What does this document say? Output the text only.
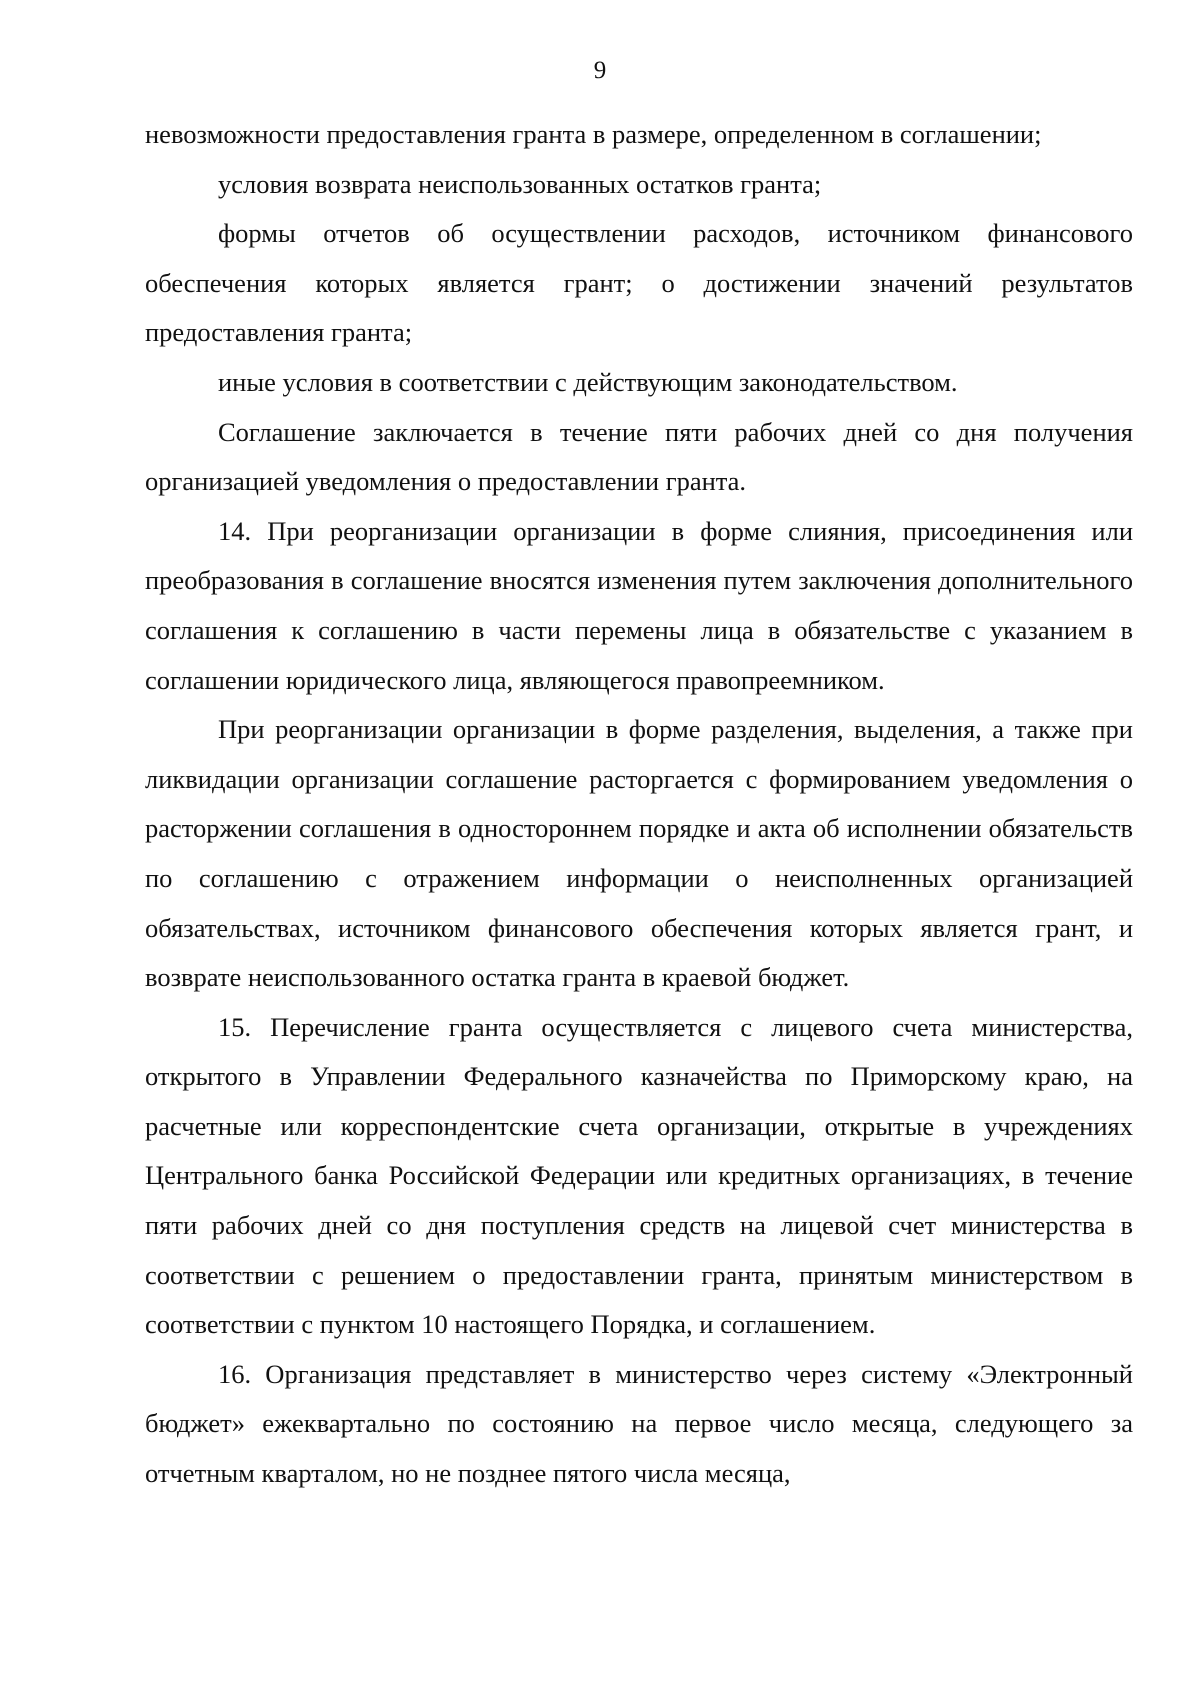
9

невозможности предоставления гранта в размере, определенном в соглашении;

условия возврата неиспользованных остатков гранта;

формы отчетов об осуществлении расходов, источником финансового обеспечения которых является грант; о достижении значений результатов предоставления гранта;

иные условия в соответствии с действующим законодательством.

Соглашение заключается в течение пяти рабочих дней со дня получения организацией уведомления о предоставлении гранта.

14. При реорганизации организации в форме слияния, присоединения или преобразования в соглашение вносятся изменения путем заключения дополнительного соглашения к соглашению в части перемены лица в обязательстве с указанием в соглашении юридического лица, являющегося правопреемником.

При реорганизации организации в форме разделения, выделения, а также при ликвидации организации соглашение расторгается с формированием уведомления о расторжении соглашения в одностороннем порядке и акта об исполнении обязательств по соглашению с отражением информации о неисполненных организацией обязательствах, источником финансового обеспечения которых является грант, и возврате неиспользованного остатка гранта в краевой бюджет.

15. Перечисление гранта осуществляется с лицевого счета министерства, открытого в Управлении Федерального казначейства по Приморскому краю, на расчетные или корреспондентские счета организации, открытые в учреждениях Центрального банка Российской Федерации или кредитных организациях, в течение пяти рабочих дней со дня поступления средств на лицевой счет министерства в соответствии с решением о предоставлении гранта, принятым министерством в соответствии с пунктом 10 настоящего Порядка, и соглашением.

16. Организация представляет в министерство через систему «Электронный бюджет» ежеквартально по состоянию на первое число месяца, следующего за отчетным кварталом, но не позднее пятого числа месяца,
